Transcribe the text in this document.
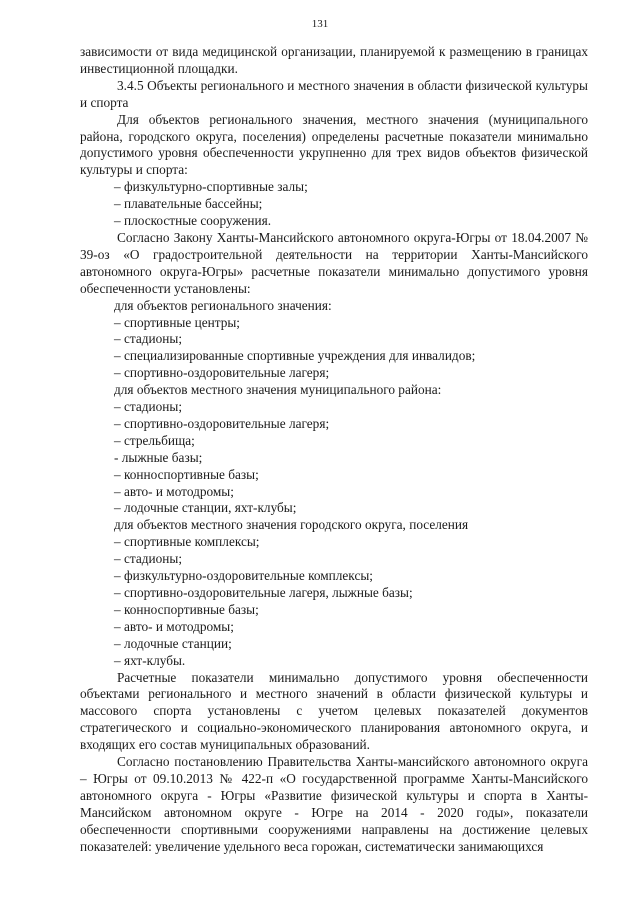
131

зависимости от вида медицинской организации, планируемой к размещению в границах инвестиционной площадки.

3.4.5 Объекты регионального и местного значения в области физической культуры и спорта

Для объектов регионального значения, местного значения (муниципального района, городского округа, поселения) определены расчетные показатели минимально допустимого уровня обеспеченности укрупненно для трех видов объектов физической культуры и спорта:

– физкультурно-спортивные залы;

– плавательные бассейны;

– плоскостные сооружения.

Согласно Закону Ханты-Мансийского автономного округа-Югры от 18.04.2007 № 39-оз «О градостроительной деятельности на территории Ханты-Мансийского автономного округа-Югры» расчетные показатели минимально допустимого уровня обеспеченности установлены:

для объектов регионального значения:

– спортивные центры;

– стадионы;

– специализированные спортивные учреждения для инвалидов;

– спортивно-оздоровительные лагеря;

для объектов местного значения муниципального района:

– стадионы;

– спортивно-оздоровительные лагеря;

– стрельбища;

- лыжные базы;

– конноспортивные базы;

– авто- и мотодромы;

– лодочные станции, яхт-клубы;

для объектов местного значения городского округа, поселения

– спортивные комплексы;

– стадионы;

– физкультурно-оздоровительные комплексы;

– спортивно-оздоровительные лагеря, лыжные базы;

– конноспортивные базы;

– авто- и мотодромы;

– лодочные станции;

– яхт-клубы.

Расчетные показатели минимально допустимого уровня обеспеченности объектами регионального и местного значений в области физической культуры и массового спорта установлены с учетом целевых показателей документов стратегического и социально-экономического планирования автономного округа, и входящих его состав муниципальных образований.

Согласно постановлению Правительства Ханты-мансийского автономного округа – Югры от 09.10.2013 № 422-п «О государственной программе Ханты-Мансийского автономного округа - Югры «Развитие физической культуры и спорта в Ханты-Мансийском автономном округе - Югре на 2014 - 2020 годы», показатели обеспеченности спортивными сооружениями направлены на достижение целевых показателей: увеличение удельного веса горожан, систематически занимающихся
